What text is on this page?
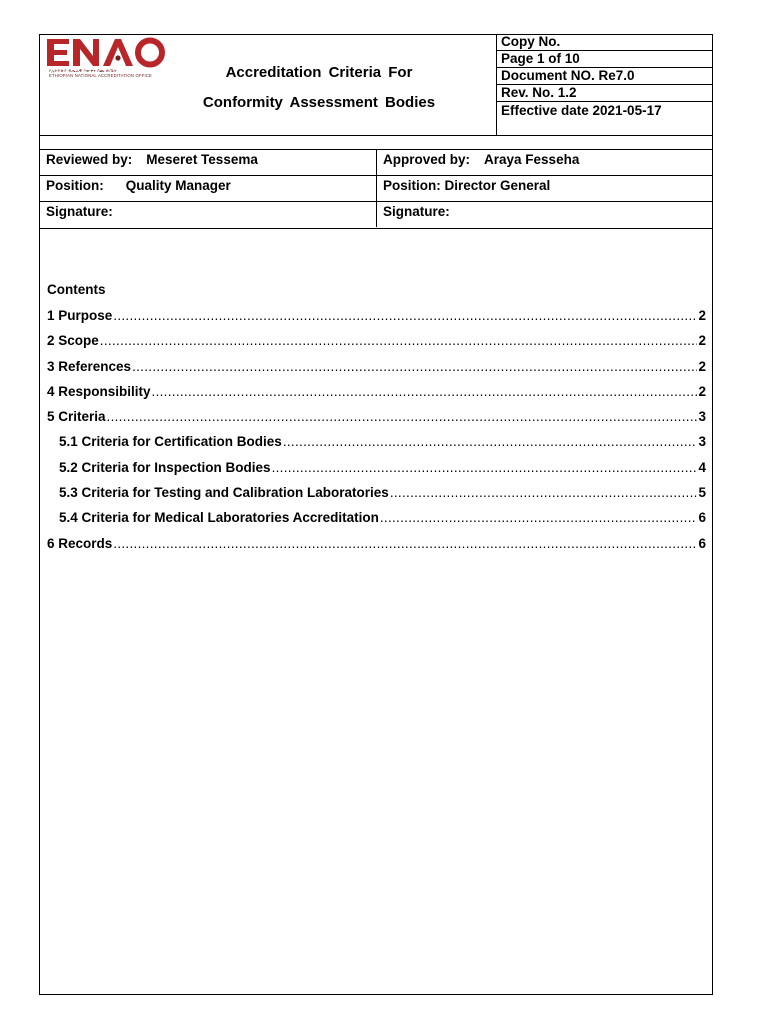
የኢትዮጵያ ብሔራዊ እውቅና ሰጪ ጽ/ቤት
ETHIOPIAN NATIONAL ACCREDITATION OFFICE	Accreditation Criteria For
Conformity Assessment Bodies
Copy No.
Page 1 of 10
Document NO. Re7.0
Rev. No. 1.2
Effective date 2021-05-17
Reviewed by: Meseret Tessema	Approved by: Araya Fesseha
Position: Quality Manager	Position: Director General
Signature:	Signature:
Contents
1 Purpose .....	2
2 Scope .....	2
3 References .....	2
4 Responsibility .....	2
5 Criteria .....	3
5.1 Criteria for Certification Bodies .....	3
5.2 Criteria for Inspection Bodies .....	4
5.3 Criteria for Testing and Calibration Laboratories .....	5
5.4 Criteria for Medical Laboratories Accreditation .....	6
6 Records .....	6
